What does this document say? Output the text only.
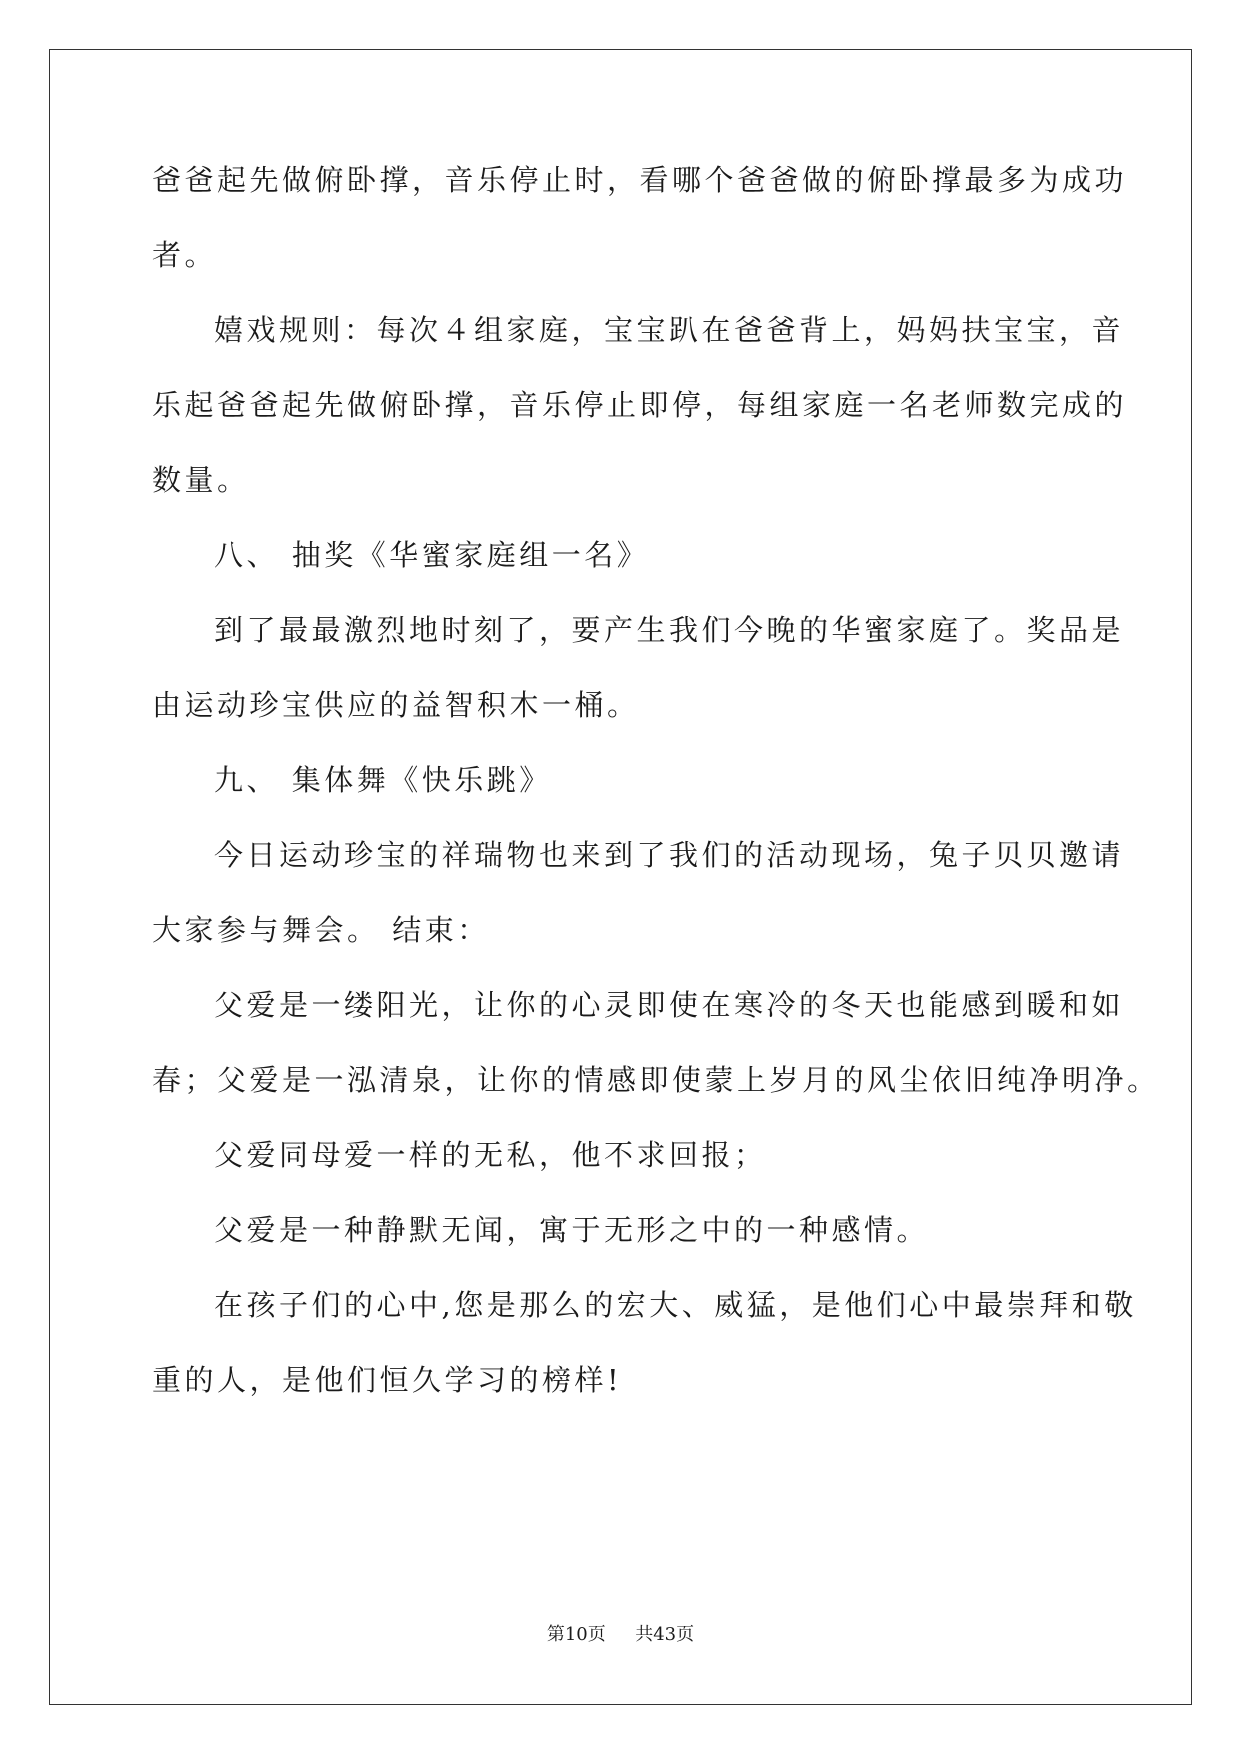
爸爸起先做俯卧撑，音乐停止时，看哪个爸爸做的俯卧撑最多为成功
者。
嬉戏规则：每次４组家庭，宝宝趴在爸爸背上，妈妈扶宝宝，音
乐起爸爸起先做俯卧撑，音乐停止即停，每组家庭一名老师数完成的
数量。
八、 抽奖《华蜜家庭组一名》
到了最最激烈地时刻了，要产生我们今晚的华蜜家庭了。奖品是
由运动珍宝供应的益智积木一桶。
九、 集体舞《快乐跳》
今日运动珍宝的祥瑞物也来到了我们的活动现场，兔子贝贝邀请
大家参与舞会。 结束：
父爱是一缕阳光，让你的心灵即使在寒冷的冬天也能感到暖和如
春；父爱是一泓清泉，让你的情感即使蒙上岁月的风尘依旧纯净明净。
父爱同母爱一样的无私，他不求回报；
父爱是一种静默无闻，寓于无形之中的一种感情。
在孩子们的心中,您是那么的宏大、威猛，是他们心中最崇拜和敬
重的人，是他们恒久学习的榜样!
第10页 共43页
